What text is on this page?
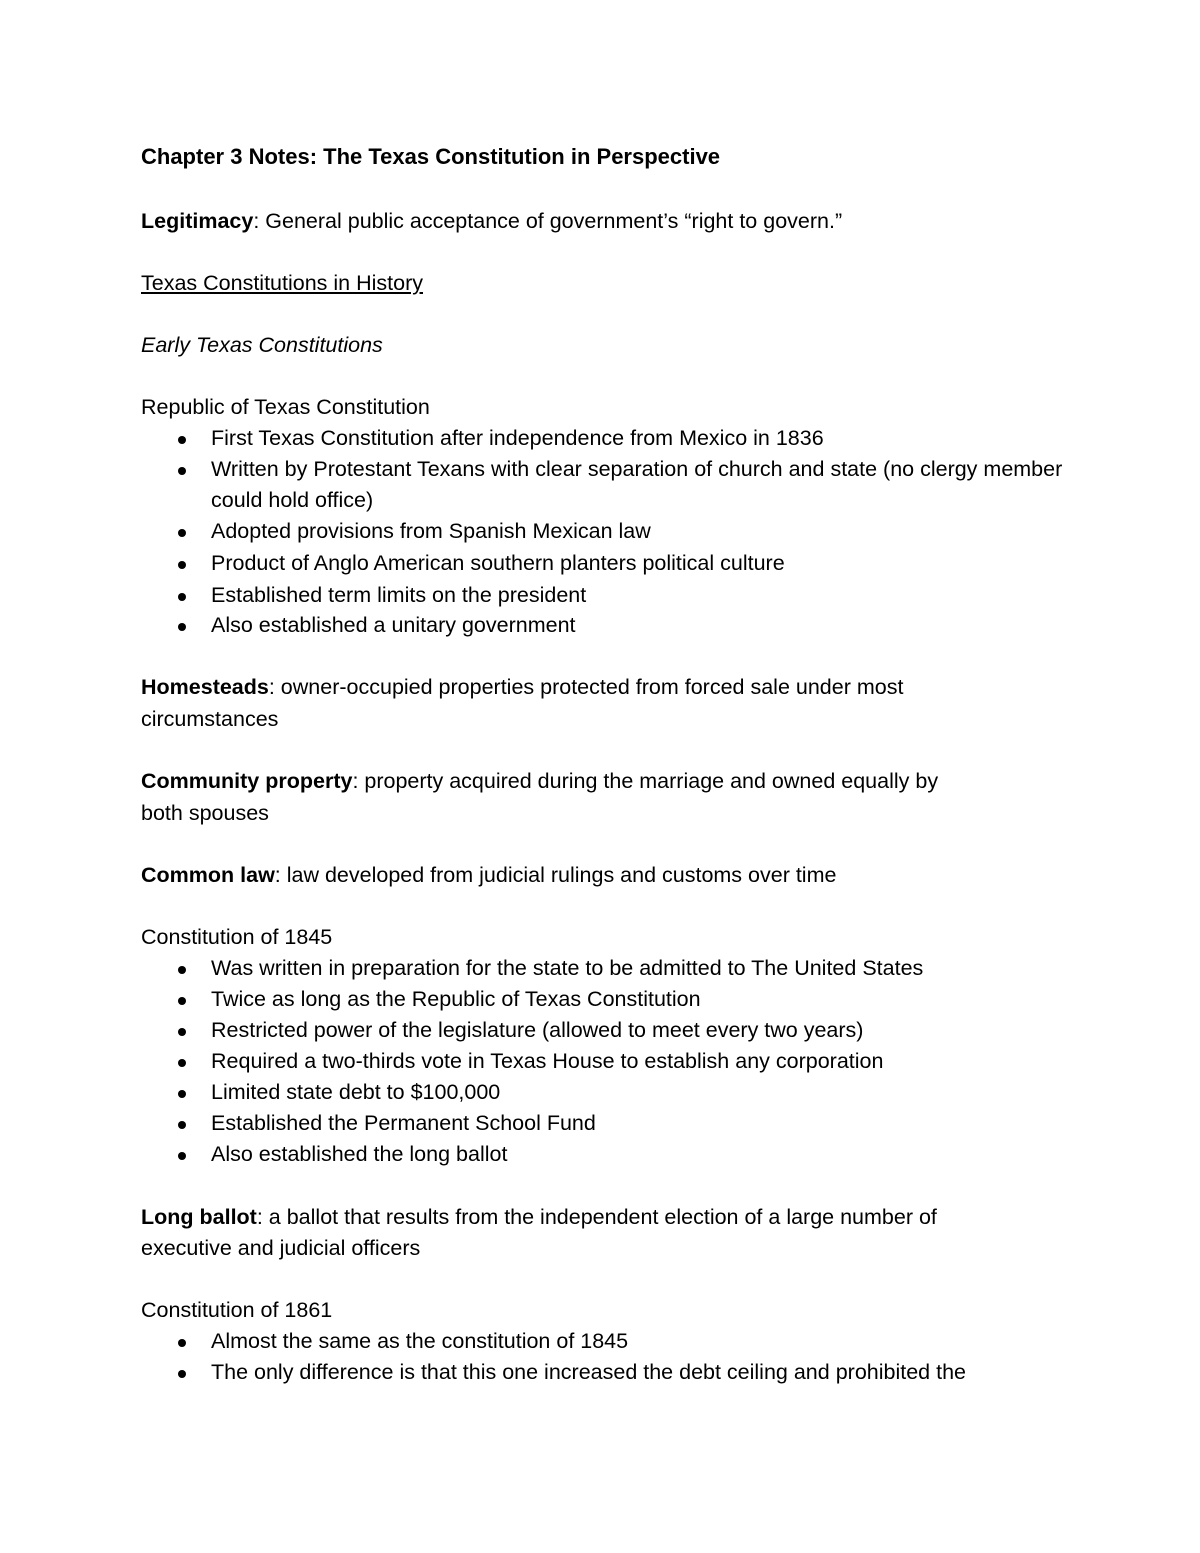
Chapter 3 Notes: The Texas Constitution in Perspective
Legitimacy: General public acceptance of government’s “right to govern.”
Texas Constitutions in History
Early Texas Constitutions
Republic of Texas Constitution
First Texas Constitution after independence from Mexico in 1836
Written by Protestant Texans with clear separation of church and state (no clergy member could hold office)
Adopted provisions from Spanish Mexican law
Product of Anglo American southern planters political culture
Established term limits on the president
Also established a unitary government
Homesteads: owner-occupied properties protected from forced sale under most
circumstances
Community property: property acquired during the marriage and owned equally by
both spouses
Common law: law developed from judicial rulings and customs over time
Constitution of 1845
Was written in preparation for the state to be admitted to The United States
Twice as long as the Republic of Texas Constitution
Restricted power of the legislature (allowed to meet every two years)
Required a two-thirds vote in Texas House to establish any corporation
Limited state debt to $100,000
Established the Permanent School Fund
Also established the long ballot
Long ballot: a ballot that results from the independent election of a large number of
executive and judicial officers
Constitution of 1861
Almost the same as the constitution of 1845
The only difference is that this one increased the debt ceiling and prohibited the
